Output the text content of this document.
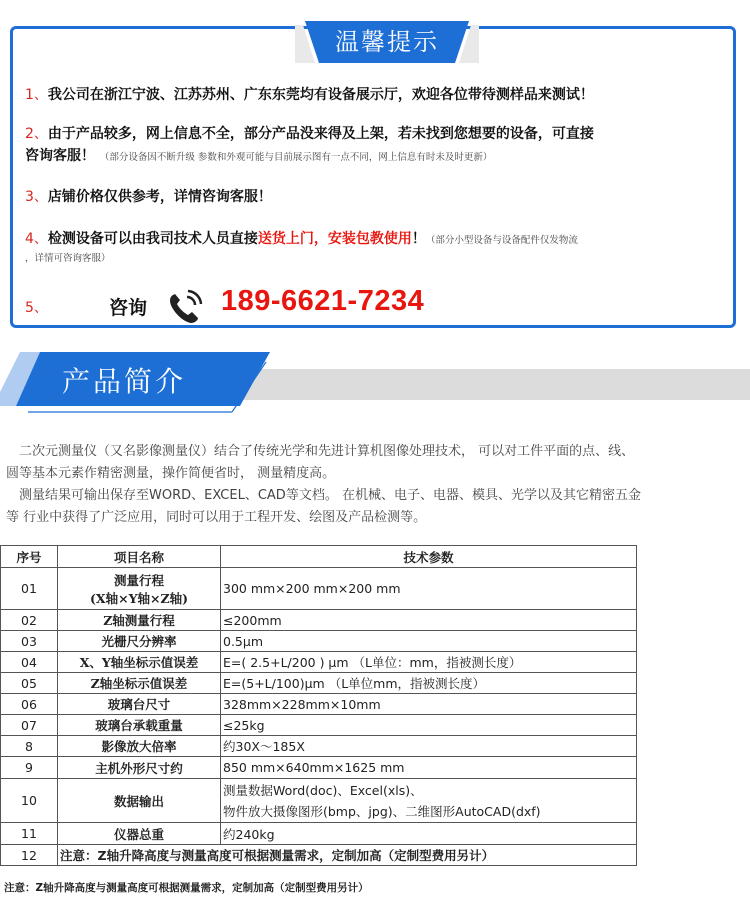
温馨提示
1、我公司在浙江宁波、江苏苏州、广东东莞均有设备展示厅，欢迎各位带待测样品来测试！
2、由于产品较多，网上信息不全，部分产品没来得及上架，若未找到您想要的设备，可直接
咨询客服！ （部分设备因不断升级 参数和外观可能与目前展示图有一点不同，网上信息有时未及时更新）
3、店铺价格仅供参考，详情咨询客服！
4、检测设备可以由我司技术人员直接送货上门，安装包教使用！（部分小型设备与设备配件仅发物流
$^{,详情可咨询客服)}$
5、	咨询	189-6621-7234
产品简介
　二次元测量仪（又名影像测量仪）结合了传统光学和先进计算机图像处理技术， 可以对工件平面的点、线、
圆等基本元素作精密测量，操作简便省时， 测量精度高。
　测量结果可输出保存至WORD、EXCEL、CAD等文档。 在机械、电子、电器、模具、光学以及其它精密五金
等 行业中获得了广泛应用，同时可以用于工程开发、绘图及产品检测等。
序号	项目名称	技术参数
01	测量行程
(X轴×Y轴×Z轴)	300 mm×200 mm×200 mm
02	Z轴测量行程	≤200mm
03	光栅尺分辨率	0.5μm
04	X、Y轴坐标示值误差	E=( 2.5+L/200 ) μm （L单位：mm，指被测长度）
05	Z轴坐标示值误差	E=(5+L/100)μm （L单位mm，指被测长度）
06	玻璃台尺寸	328mm×228mm×10mm
07	玻璃台承载重量	≤25kg
8	影像放大倍率	约30X～185X
9	主机外形尺寸约	850 mm×640mm×1625 mm
10	数据输出	测量数据Word(doc)、Excel(xls)、
物件放大摄像图形(bmp、jpg)、二维图形AutoCAD(dxf)
11	仪器总重	约240kg
12	注意：Z轴升降高度与测量高度可根据测量需求，定制加高（定制型费用另计）	
注意：Z轴升降高度与测量高度可根据测量需求，定制加高（定制型费用另计）
